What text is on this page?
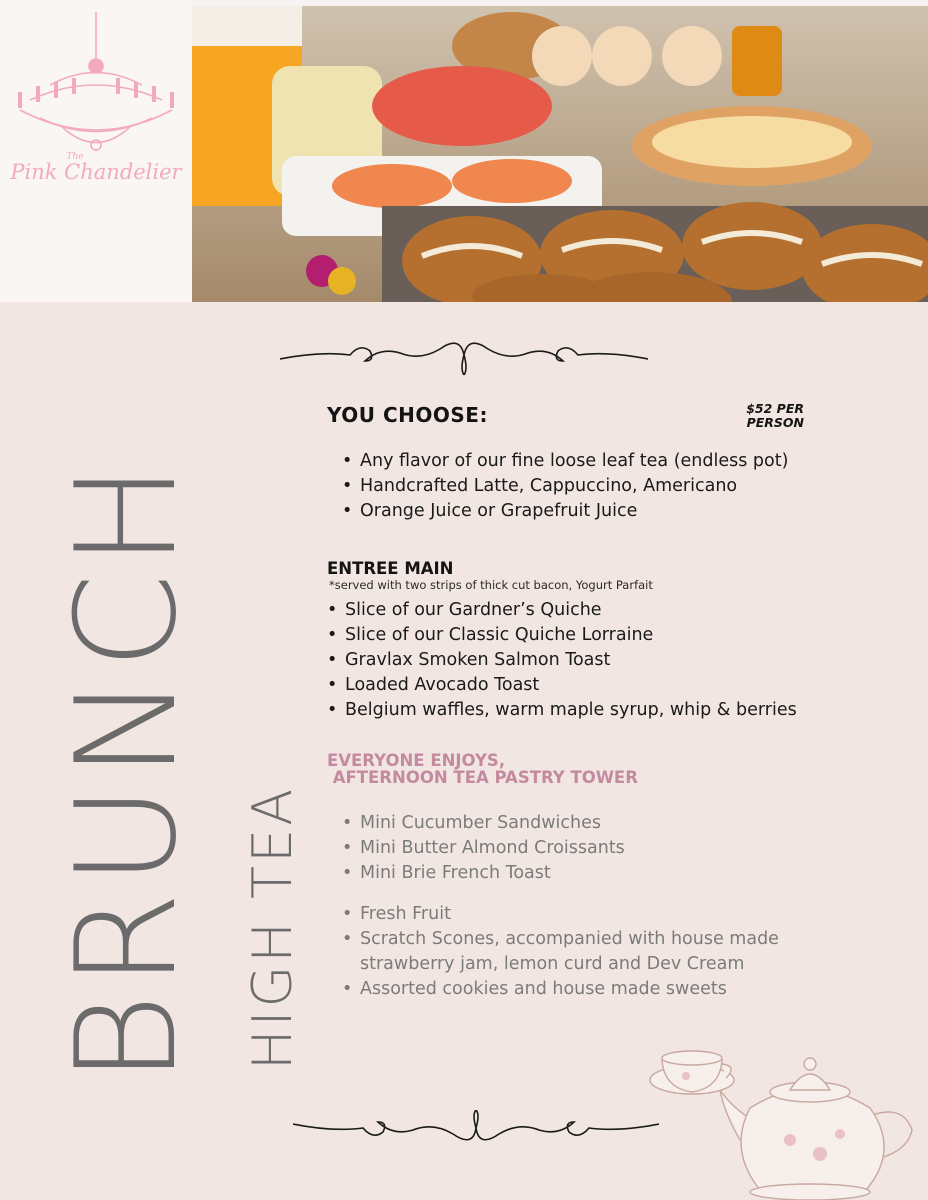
The
Pink Chandelier
BRUNCH HIGH TEA
YOU CHOOSE:	$52 PER
PERSON
• Any flavor of our fine loose leaf tea (endless pot)
• Handcrafted Latte, Cappuccino, Americano
• Orange Juice or Grapefruit Juice
ENTREE MAIN
*served with two strips of thick cut bacon, Yogurt Parfait
• Slice of our Gardner’s Quiche
• Slice of our Classic Quiche Lorraine
• Gravlax Smoken Salmon Toast
• Loaded Avocado Toast
• Belgium waffles, warm maple syrup, whip & berries
EVERYONE ENJOYS,
AFTERNOON TEA PASTRY TOWER
• Mini Cucumber Sandwiches
• Mini Butter Almond Croissants
• Mini Brie French Toast
• Fresh Fruit
• Scratch Scones, accompanied with house made
strawberry jam, lemon curd and Dev Cream
• Assorted cookies and house made sweets
